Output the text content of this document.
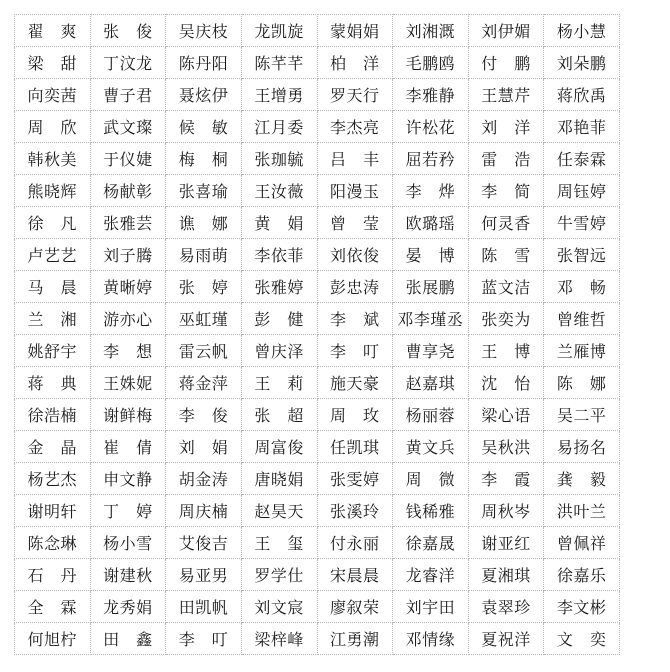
翟　爽	张　俊	吴庆枝	龙凯旋	蒙娟娟	刘湘溉	刘伊媚	杨小慧
梁　甜	丁汶龙	陈丹阳	陈芊芊	柏　洋	毛鹏鸥	付　鹏	刘朵鹏
向奕茜	曹子君	聂炫伊	王增勇	罗天行	李雅静	王慧芹	蒋欣禹
周　欣	武文璨	候　敏	江月委	李杰亮	许松花	刘　洋	邓艳菲
韩秋美	于仪婕	梅　桐	张珈毓	吕　丰	屈若矜	雷　浩	任泰霖
熊晓辉	杨献彰	张喜瑜	王汝薇	阳漫玉	李　烨	李　简	周钰婷
徐　凡	张雅芸	谯　娜	黄　娟	曾　莹	欧璐瑶	何灵香	牛雪婷
卢艺艺	刘子腾	易雨萌	李依菲	刘依俊	晏　博	陈　雪	张智远
马　晨	黄晰婷	张　婷	张雅婷	彭忠涛	张展鹏	蓝文洁	邓　畅
兰　湘	游亦心	巫虹瑾	彭　健	李　斌	邓李瑾丞	张奕为	曾维哲
姚舒宇	李　想	雷云帆	曾庆泽	李　叮	曹享尧	王　博	兰雁博
蒋　典	王姝妮	蒋金萍	王　莉	施天豪	赵嘉琪	沈　怡	陈　娜
徐浩楠	谢鲜梅	李　俊	张　超	周　玫	杨丽蓉	梁心语	吴二平
金　晶	崔　倩	刘　娟	周富俊	任凯琪	黄文兵	吴秋洪	易扬名
杨艺杰	申文静	胡金涛	唐晓娟	张雯婷	周　微	李　霞	龚　毅
谢明轩	丁　婷	周庆楠	赵昊天	张溪玲	钱稀雅	周秋岑	洪叶兰
陈念琳	杨小雪	艾俊吉	王　玺	付永丽	徐嘉晟	谢亚红	曾佩祥
石　丹	谢建秋	易亚男	罗学仕	宋晨晨	龙睿洋	夏湘琪	徐嘉乐
全　霖	龙秀娟	田凯帆	刘文宸	廖叙荣	刘宇田	袁翠珍	李文彬
何旭柠	田　鑫	李　叮	梁梓峰	江勇潮	邓情缘	夏祝洋	文　奕
